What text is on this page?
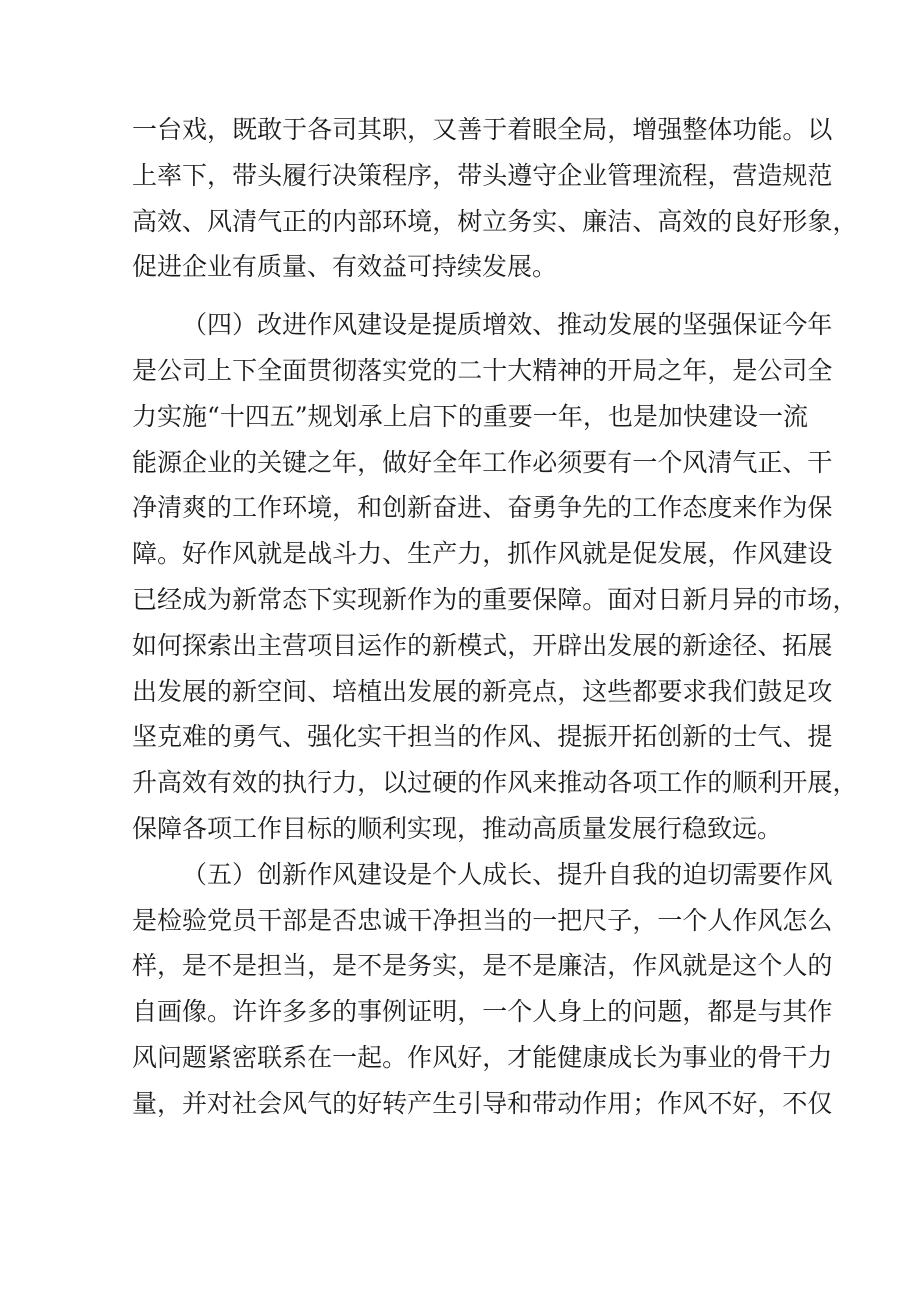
一 台 戏 ， 既 敢 于 各 司 其 职 ， 又 善 于 着 眼 全 局 ， 增 强 整 体 功 能 。 以
上 率 下 ， 带 头 履 行 决 策 程 序 ， 带 头 遵 守 企 业 管 理 流 程 ， 营 造 规 范
高 效 、 风 清 气 正 的 内 部 环 境 ， 树 立 务 实 、 廉 洁 、 高 效 的 良 好 形 象 ，
促进企业有质量、有效益可持续发展。
（ 四 ） 改 进 作 风 建 设 是 提 质 增 效 、 推 动 发 展 的 坚 强 保 证 今 年
是 公 司 上 下 全 面 贯 彻 落 实 党 的 二 十 大 精 神 的 开 局 之 年 ， 是 公 司 全
力 实 施 “ 十 四 五 ” 规 划 承 上 启 下 的 重 要 一 年 ， 也 是 加 快 建 设 一 流
能 源 企 业 的 关 键 之 年 ， 做 好 全 年 工 作 必 须 要 有 一 个 风 清 气 正 、 干
净 清 爽 的 工 作 环 境 ， 和 创 新 奋 进 、 奋 勇 争 先 的 工 作 态 度 来 作 为 保
障 。 好 作 风 就 是 战 斗 力 、 生 产 力 ， 抓 作 风 就 是 促 发 展 ， 作 风 建 设
已 经 成 为 新 常 态 下 实 现 新 作 为 的 重 要 保 障 。 面 对 日 新 月 异 的 市 场 ，
如 何 探 索 出 主 营 项 目 运 作 的 新 模 式 ， 开 辟 出 发 展 的 新 途 径 、 拓 展
出 发 展 的 新 空 间 、 培 植 出 发 展 的 新 亮 点 ， 这 些 都 要 求 我 们 鼓 足 攻
坚 克 难 的 勇 气 、 强 化 实 干 担 当 的 作 风 、 提 振 开 拓 创 新 的 士 气 、 提
升 高 效 有 效 的 执 行 力 ， 以 过 硬 的 作 风 来 推 动 各 项 工 作 的 顺 利 开 展 ，
保障各项工作目标的顺利实现，推动高质量发展行稳致远。
（ 五 ） 创 新 作 风 建 设 是 个 人 成 长 、 提 升 自 我 的 迫 切 需 要 作 风
是 检 验 党 员 干 部 是 否 忠 诚 干 净 担 当 的 一 把 尺 子 ， 一 个 人 作 风 怎 么
样 ， 是 不 是 担 当 ， 是 不 是 务 实 ， 是 不 是 廉 洁 ， 作 风 就 是 这 个 人 的
自 画 像 。 许 许 多 多 的 事 例 证 明 ， 一 个 人 身 上 的 问 题 ， 都 是 与 其 作
风 问 题 紧 密 联 系 在 一 起 。 作 风 好 ， 才 能 健 康 成 长 为 事 业 的 骨 干 力
量 ， 并 对 社 会 风 气 的 好 转 产 生 引 导 和 带 动 作 用 ； 作 风 不 好 ， 不 仅
